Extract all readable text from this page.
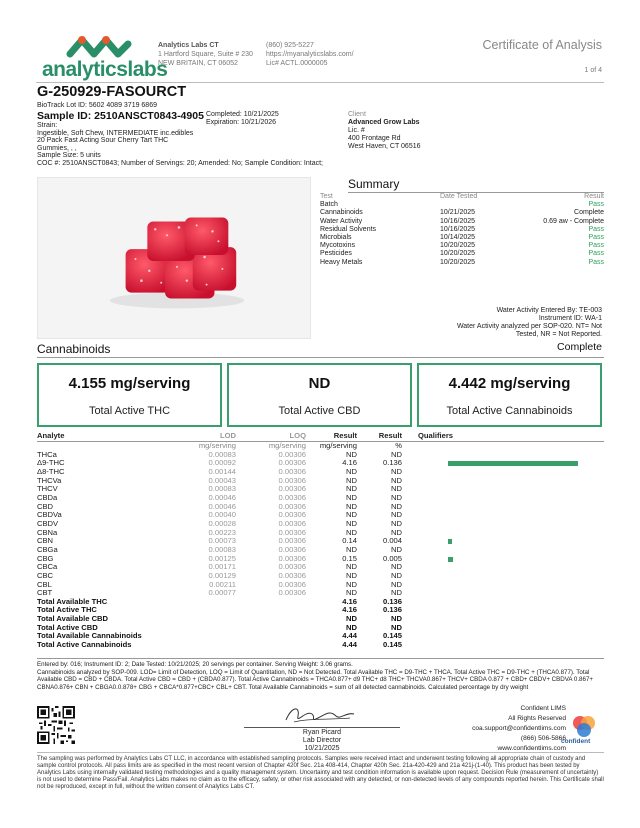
analyticslabs
Analytics Labs CT
1 Hartford Square, Suite # 230
NEW BRITAIN, CT 06052
(860) 925-5227
https://myanalyticslabs.com/
Lic# ACTL.0000005
Certificate of Analysis
1 of 4
G-250929-FASOURCT
BioTrack Lot ID: 5602 4089 3719 6869
Sample ID: 2510ANSCT0843-4905 Completed: 10/21/2025
Expiration: 10/21/2026
Strain:
Ingestible, Soft Chew, INTERMEDIATE inc.edibles
20 Pack Fast Acting Sour Cherry Tart THC
Gummies, , ,
Sample Size: 5 units
COC #: 2510ANSCT0843; Number of Servings: 20; Amended: No; Sample Condition: Intact;
Client
Advanced Grow Labs
Lic. #
400 Frontage Rd
West Haven, CT 06516
Summary
Test	Date Tested	Result
Batch		Pass
Cannabinoids	10/21/2025	Complete
Water Activity	10/16/2025	0.69 aw - Complete
Residual Solvents	10/16/2025	Pass
Microbials	10/14/2025	Pass
Mycotoxins	10/20/2025	Pass
Pesticides	10/20/2025	Pass
Heavy Metals	10/20/2025	Pass
Water Activity Entered By: TE-003
Instrument ID: WA-1
Water Activity analyzed per SOP-020. NT= Not
Tested, NR = Not Reported.
Cannabinoids	Complete
4.155 mg/serving
Total Active THC
ND
Total Active CBD
4.442 mg/serving
Total Active Cannabinoids
Analyte	LOD	LOQ	Result	Result		Qualifiers
	mg/serving	mg/serving	mg/serving	%		
THCa	0.00083	0.00306	ND	ND		
Δ9-THC	0.00092	0.00306	4.16	0.136		

Δ8-THC	0.00144	0.00306	ND	ND		
THCVa	0.00043	0.00306	ND	ND		
THCV	0.00083	0.00306	ND	ND		
CBDa	0.00046	0.00306	ND	ND		
CBD	0.00046	0.00306	ND	ND		
CBDVa	0.00040	0.00306	ND	ND		
CBDV	0.00028	0.00306	ND	ND		
CBNa	0.00223	0.00306	ND	ND		
CBN	0.00073	0.00306	0.14	0.004		

CBGa	0.00083	0.00306	ND	ND		
CBG	0.00125	0.00306	0.15	0.005		

CBCa	0.00171	0.00306	ND	ND		
CBC	0.00129	0.00306	ND	ND		
CBL	0.00211	0.00306	ND	ND		
CBT	0.00077	0.00306	ND	ND		
Total Available THC			4.16	0.136		
Total Active THC			4.16	0.136		
Total Available CBD			ND	ND		
Total Active CBD			ND	ND		
Total Available Cannabinoids			4.44	0.145		
Total Active Cannabinoids			4.44	0.145		
Entered by: 016; Instrument ID: 2; Date Tested: 10/21/2025; 20 servings per container. Serving Weight: 3.06 grams.
Cannabinoids analyzed by SOP-009. LOD= Limit of Detection, LOQ = Limit of Quantitation, ND = Not Detected. Total Available THC = D9-THC + THCA. Total Active THC = D9-THC + (THCA0.877). Total Available CBD = CBD + CBDA. Total Active CBD = CBD + (CBDA0.877). Total Active Cannabinoids = THCA0.877+ d9 THC+ d8 THC+ THCVA0.867+ THCV+ CBDA 0.877 + CBD+ CBDV+ CBDVA 0.867+ CBNA0.876+ CBN + CBGA0.0.878+ CBG + CBCA*0.877+CBC+ CBL+ CBT. Total Available Cannabinoids = sum of all detected cannabinoids. Calculated percentage by dry weight
Ryan Picard
Lab Director
10/21/2025
Confident LIMS
All Rights Reserved
coa.support@confidentlims.com
(866) 506-5866
www.confidentlims.com
confident
The sampling was performed by Analytics Labs CT LLC, in accordance with established sampling protocols. Samples were received intact and underwent testing following all appropriate chain of custody and sample control protocols. All pass limits are as specified in the most recent version of Chapter 420f Sec. 21a 408-414, Chapter 420h Sec. 21a-420-429 and 21a 421j-(1-40). This product has been tested by Analytics Labs using internally validated testing methodologies and a quality management system. Uncertainty and test condition information is available upon request. Decision Rule (measurement of uncertainty) is not used to determine Pass/Fail. Analytics Labs makes no claim as to the efficacy, safety, or other risk associated with any detected, or non-detected levels of any compounds reported herein. This Certificate shall not be reproduced, except in full, without the written consent of Analytics Labs CT.
